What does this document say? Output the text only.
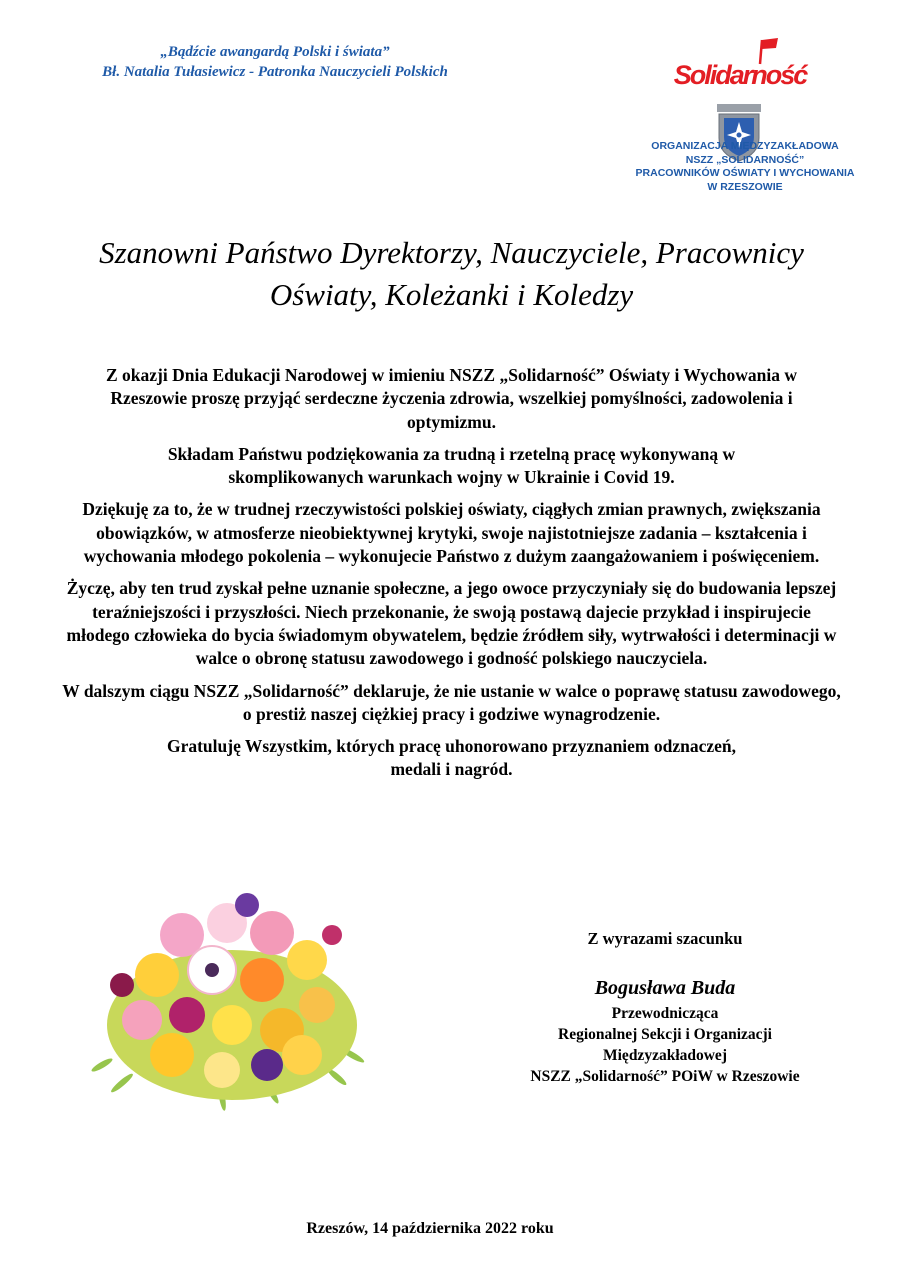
„Bądźcie awangardą Polski i świata”
Bł. Natalia Tułasiewicz - Patronka Nauczycieli Polskich	Solidarność
ORGANIZACJA MIĘDZYZAKŁADOWA
NSZZ „SOLIDARNOŚĆ”
PRACOWNIKÓW OŚWIATY I WYCHOWANIA
W RZESZOWIE
Szanowni Państwo Dyrektorzy, Nauczyciele, Pracownicy
Oświaty, Koleżanki i Koledzy

Z okazji Dnia Edukacji Narodowej w imieniu NSZZ „Solidarność” Oświaty i Wychowania w Rzeszowie proszę przyjąć serdeczne życzenia zdrowia, wszelkiej pomyślności, zadowolenia i optymizmu.

Składam Państwu podziękowania za trudną i rzetelną pracę wykonywaną w skomplikowanych warunkach wojny w Ukrainie i Covid 19.

Dziękuję za to, że w trudnej rzeczywistości polskiej oświaty, ciągłych zmian prawnych, zwiększania obowiązków, w atmosferze nieobiektywnej krytyki, swoje najistotniejsze zadania – kształcenia i wychowania młodego pokolenia – wykonujecie Państwo z dużym zaangażowaniem i poświęceniem.

Życzę, aby ten trud zyskał pełne uznanie społeczne, a jego owoce przyczyniały się do budowania lepszej teraźniejszości i przyszłości. Niech przekonanie, że swoją postawą dajecie przykład i inspirujecie młodego człowieka do bycia świadomym obywatelem, będzie źródłem siły, wytrwałości i determinacji w walce o obronę statusu zawodowego i godność polskiego nauczyciela.

W dalszym ciągu NSZZ „Solidarność” deklaruje, że nie ustanie w walce o poprawę statusu zawodowego, o prestiż naszej ciężkiej pracy i godziwe wynagrodzenie.

Gratuluję Wszystkim, których pracę uhonorowano przyznaniem odznaczeń, medali i nagród.

Z wyrazami szacunku
Bogusława Buda
Przewodnicząca
Regionalnej Sekcji i Organizacji
Międzyzakładowej
NSZZ „Solidarność” POiW w Rzeszowie
Rzeszów, 14 października 2022 roku
